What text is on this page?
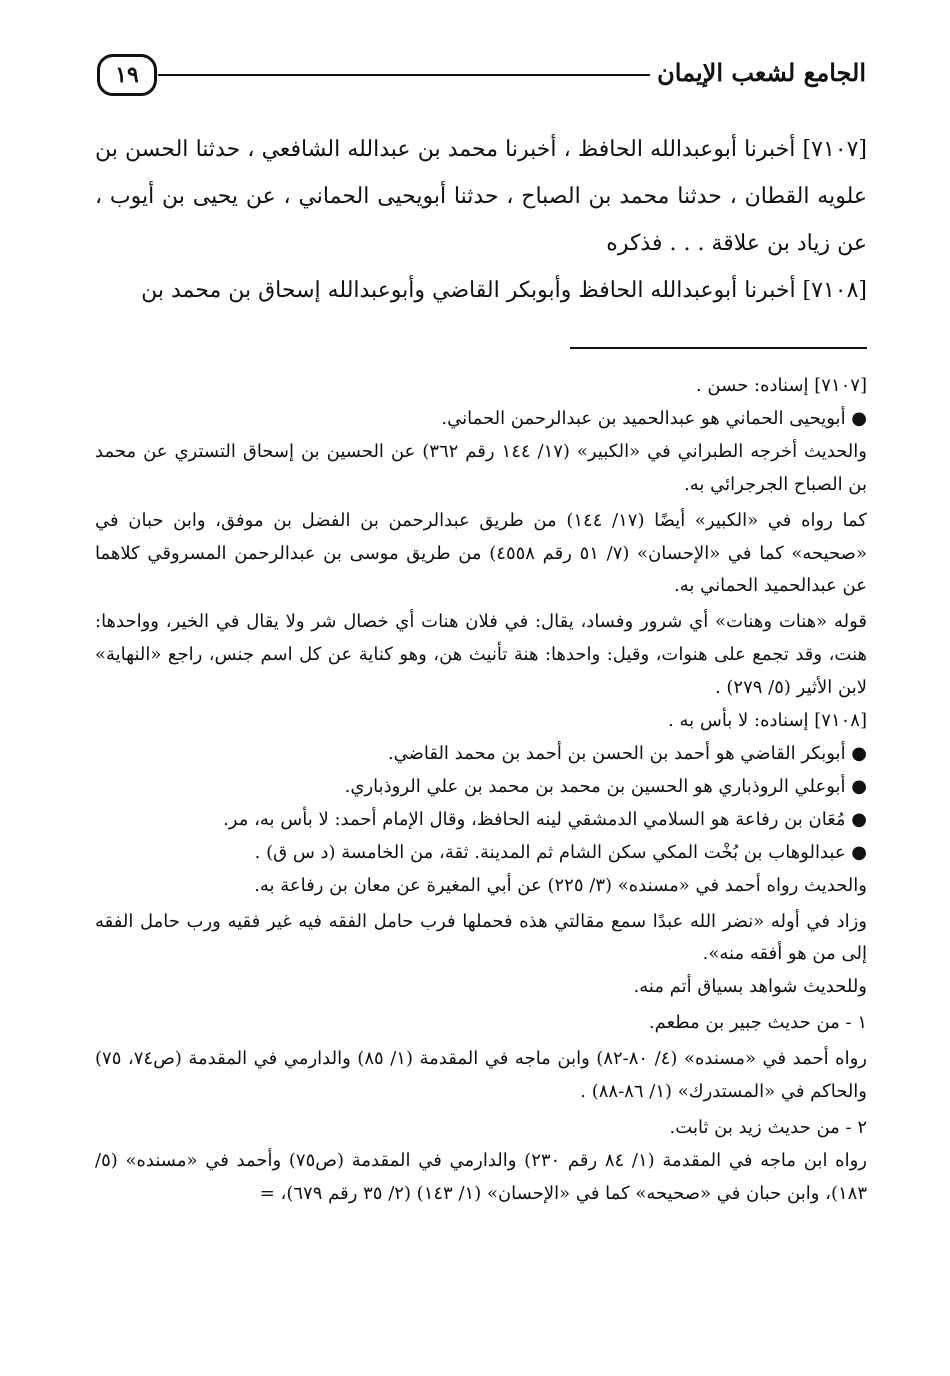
الجامع لشعب الإيمان
١٩

[٧١٠٧] أخبرنا أبوعبدالله الحافظ ، أخبرنا محمد بن عبدالله الشافعي ، حدثنا الحسن بن علويه القطان ، حدثنا محمد بن الصباح ، حدثنا أبويحيى الحماني ، عن يحيى بن أيوب ، عن زياد بن علاقة . . . فذكره

[٧١٠٨] أخبرنا أبوعبدالله الحافظ وأبوبكر القاضي وأبوعبدالله إسحاق بن محمد بن

[٧١٠٧] إسناده: حسن .

● أبويحيى الحماني هو عبدالحميد بن عبدالرحمن الحماني.

والحديث أخرجه الطبراني في «الكبير» (١٧/ ١٤٤ رقم ٣٦٢) عن الحسين بن إسحاق التستري عن محمد بن الصباح الجرجرائي به.

كما رواه في «الكبير» أيضًا (١٧/ ١٤٤) من طريق عبدالرحمن بن الفضل بن موفق، وابن حبان في «صحيحه» كما في «الإحسان» (٧/ ٥١ رقم ٤٥٥٨) من طريق موسى بن عبدالرحمن المسروقي كلاهما عن عبدالحميد الحماني به.

قوله «هنات وهنات» أي شرور وفساد، يقال: في فلان هنات أي خصال شر ولا يقال في الخير، وواحدها: هنت، وقد تجمع على هنوات، وقيل: واحدها: هنة تأنيث هن، وهو كناية عن كل اسم جنس، راجع «النهاية» لابن الأثير (٥/ ٢٧٩) .

[٧١٠٨] إسناده: لا بأس به .

● أبوبكر القاضي هو أحمد بن الحسن بن أحمد بن محمد القاضي.

● أبوعلي الروذباري هو الحسين بن محمد بن محمد بن علي الروذباري.

● مُعَان بن رفاعة هو السلامي الدمشقي لينه الحافظ، وقال الإمام أحمد: لا بأس به، مر.

● عبدالوهاب بن بُخْت المكي سكن الشام ثم المدينة. ثقة، من الخامسة (د س ق) .

والحديث رواه أحمد في «مسنده» (٣/ ٢٢٥) عن أبي المغيرة عن معان بن رفاعة به.

وزاد في أوله «نضر الله عبدًا سمع مقالتي هذه فحملها فرب حامل الفقه فيه غير فقيه ورب حامل الفقه إلى من هو أفقه منه».

وللحديث شواهد بسياق أتم منه.

١ - من حديث جبير بن مطعم.

رواه أحمد في «مسنده» (٤/ ٨٠-٨٢) وابن ماجه في المقدمة (١/ ٨٥) والدارمي في المقدمة (ص٧٤، ٧٥) والحاكم في «المستدرك» (١/ ٨٦-٨٨) .

٢ - من حديث زيد بن ثابت.

رواه ابن ماجه في المقدمة (١/ ٨٤ رقم ٢٣٠) والدارمي في المقدمة (ص٧٥) وأحمد في «مسنده» (٥/ ١٨٣)، وابن حبان في «صحيحه» كما في «الإحسان» (١/ ١٤٣) (٢/ ٣٥ رقم ٦٧٩)، =
